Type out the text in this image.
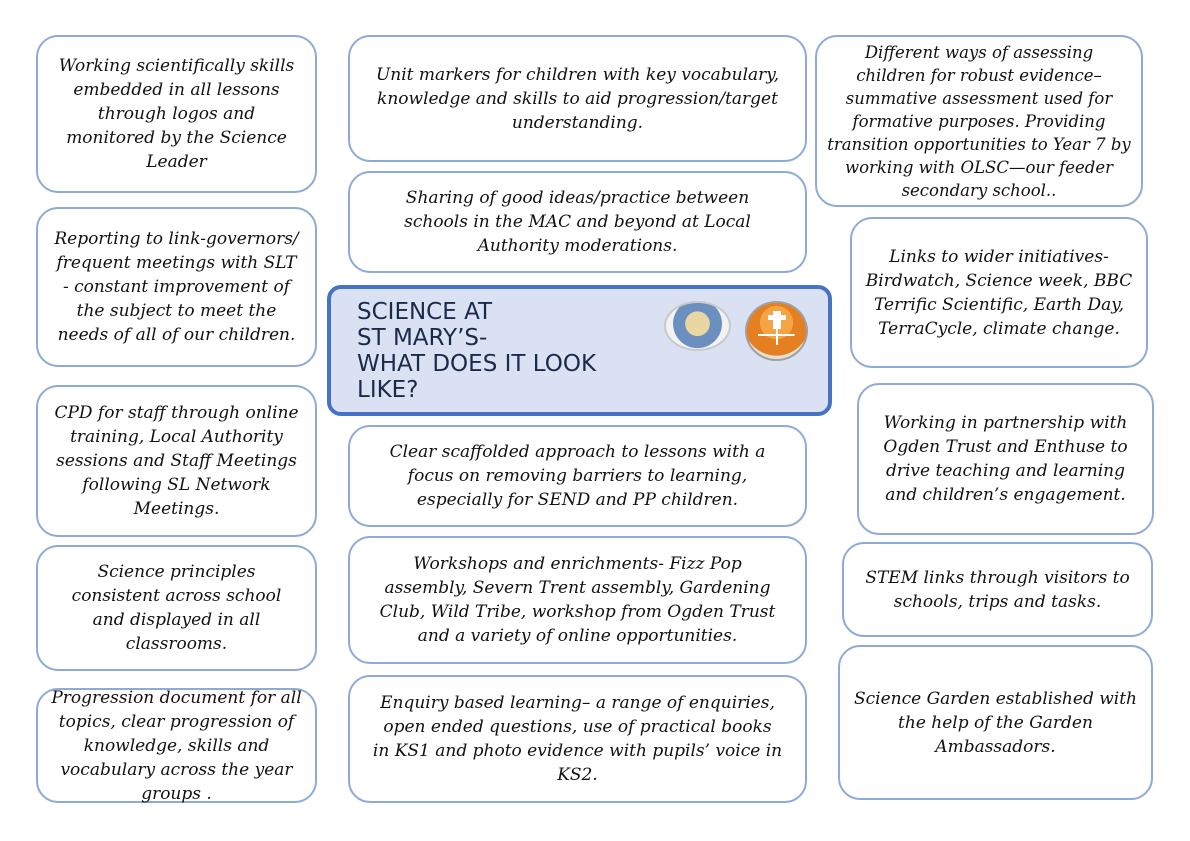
Working scientifically skills
embedded in all lessons
through logos and
monitored by the Science
Leader
Reporting to link-governors/
frequent meetings with SLT
- constant improvement of
the subject to meet the
needs of all of our children.
CPD for staff through online
training, Local Authority
sessions and Staff Meetings
following SL Network
Meetings.
Science principles
consistent across school
and displayed in all
classrooms.
Progression document for all
topics, clear progression of
knowledge, skills and
vocabulary across the year
groups .
Unit markers for children with key vocabulary,
knowledge and skills to aid progression/target
understanding.
Sharing of good ideas/practice between
schools in the MAC and beyond at Local
Authority moderations.
SCIENCE AT
ST MARY’S-
WHAT DOES IT LOOK
LIKE?
Clear scaffolded approach to lessons with a
focus on removing barriers to learning,
especially for SEND and PP children.
Workshops and enrichments- Fizz Pop
assembly, Severn Trent assembly, Gardening
Club, Wild Tribe, workshop from Ogden Trust
and a variety of online opportunities.
Enquiry based learning– a range of enquiries,
open ended questions, use of practical books
in KS1 and photo evidence with pupils’ voice in
KS2.
Different ways of assessing
children for robust evidence–
summative assessment used for
formative purposes. Providing
transition opportunities to Year 7 by
working with OLSC—our feeder
secondary school..
Links to wider initiatives-
Birdwatch, Science week, BBC
Terrific Scientific, Earth Day,
TerraCycle, climate change.
Working in partnership with
Ogden Trust and Enthuse to
drive teaching and learning
and children’s engagement.
STEM links through visitors to
schools, trips and tasks.
Science Garden established with
the help of the Garden
Ambassadors.
